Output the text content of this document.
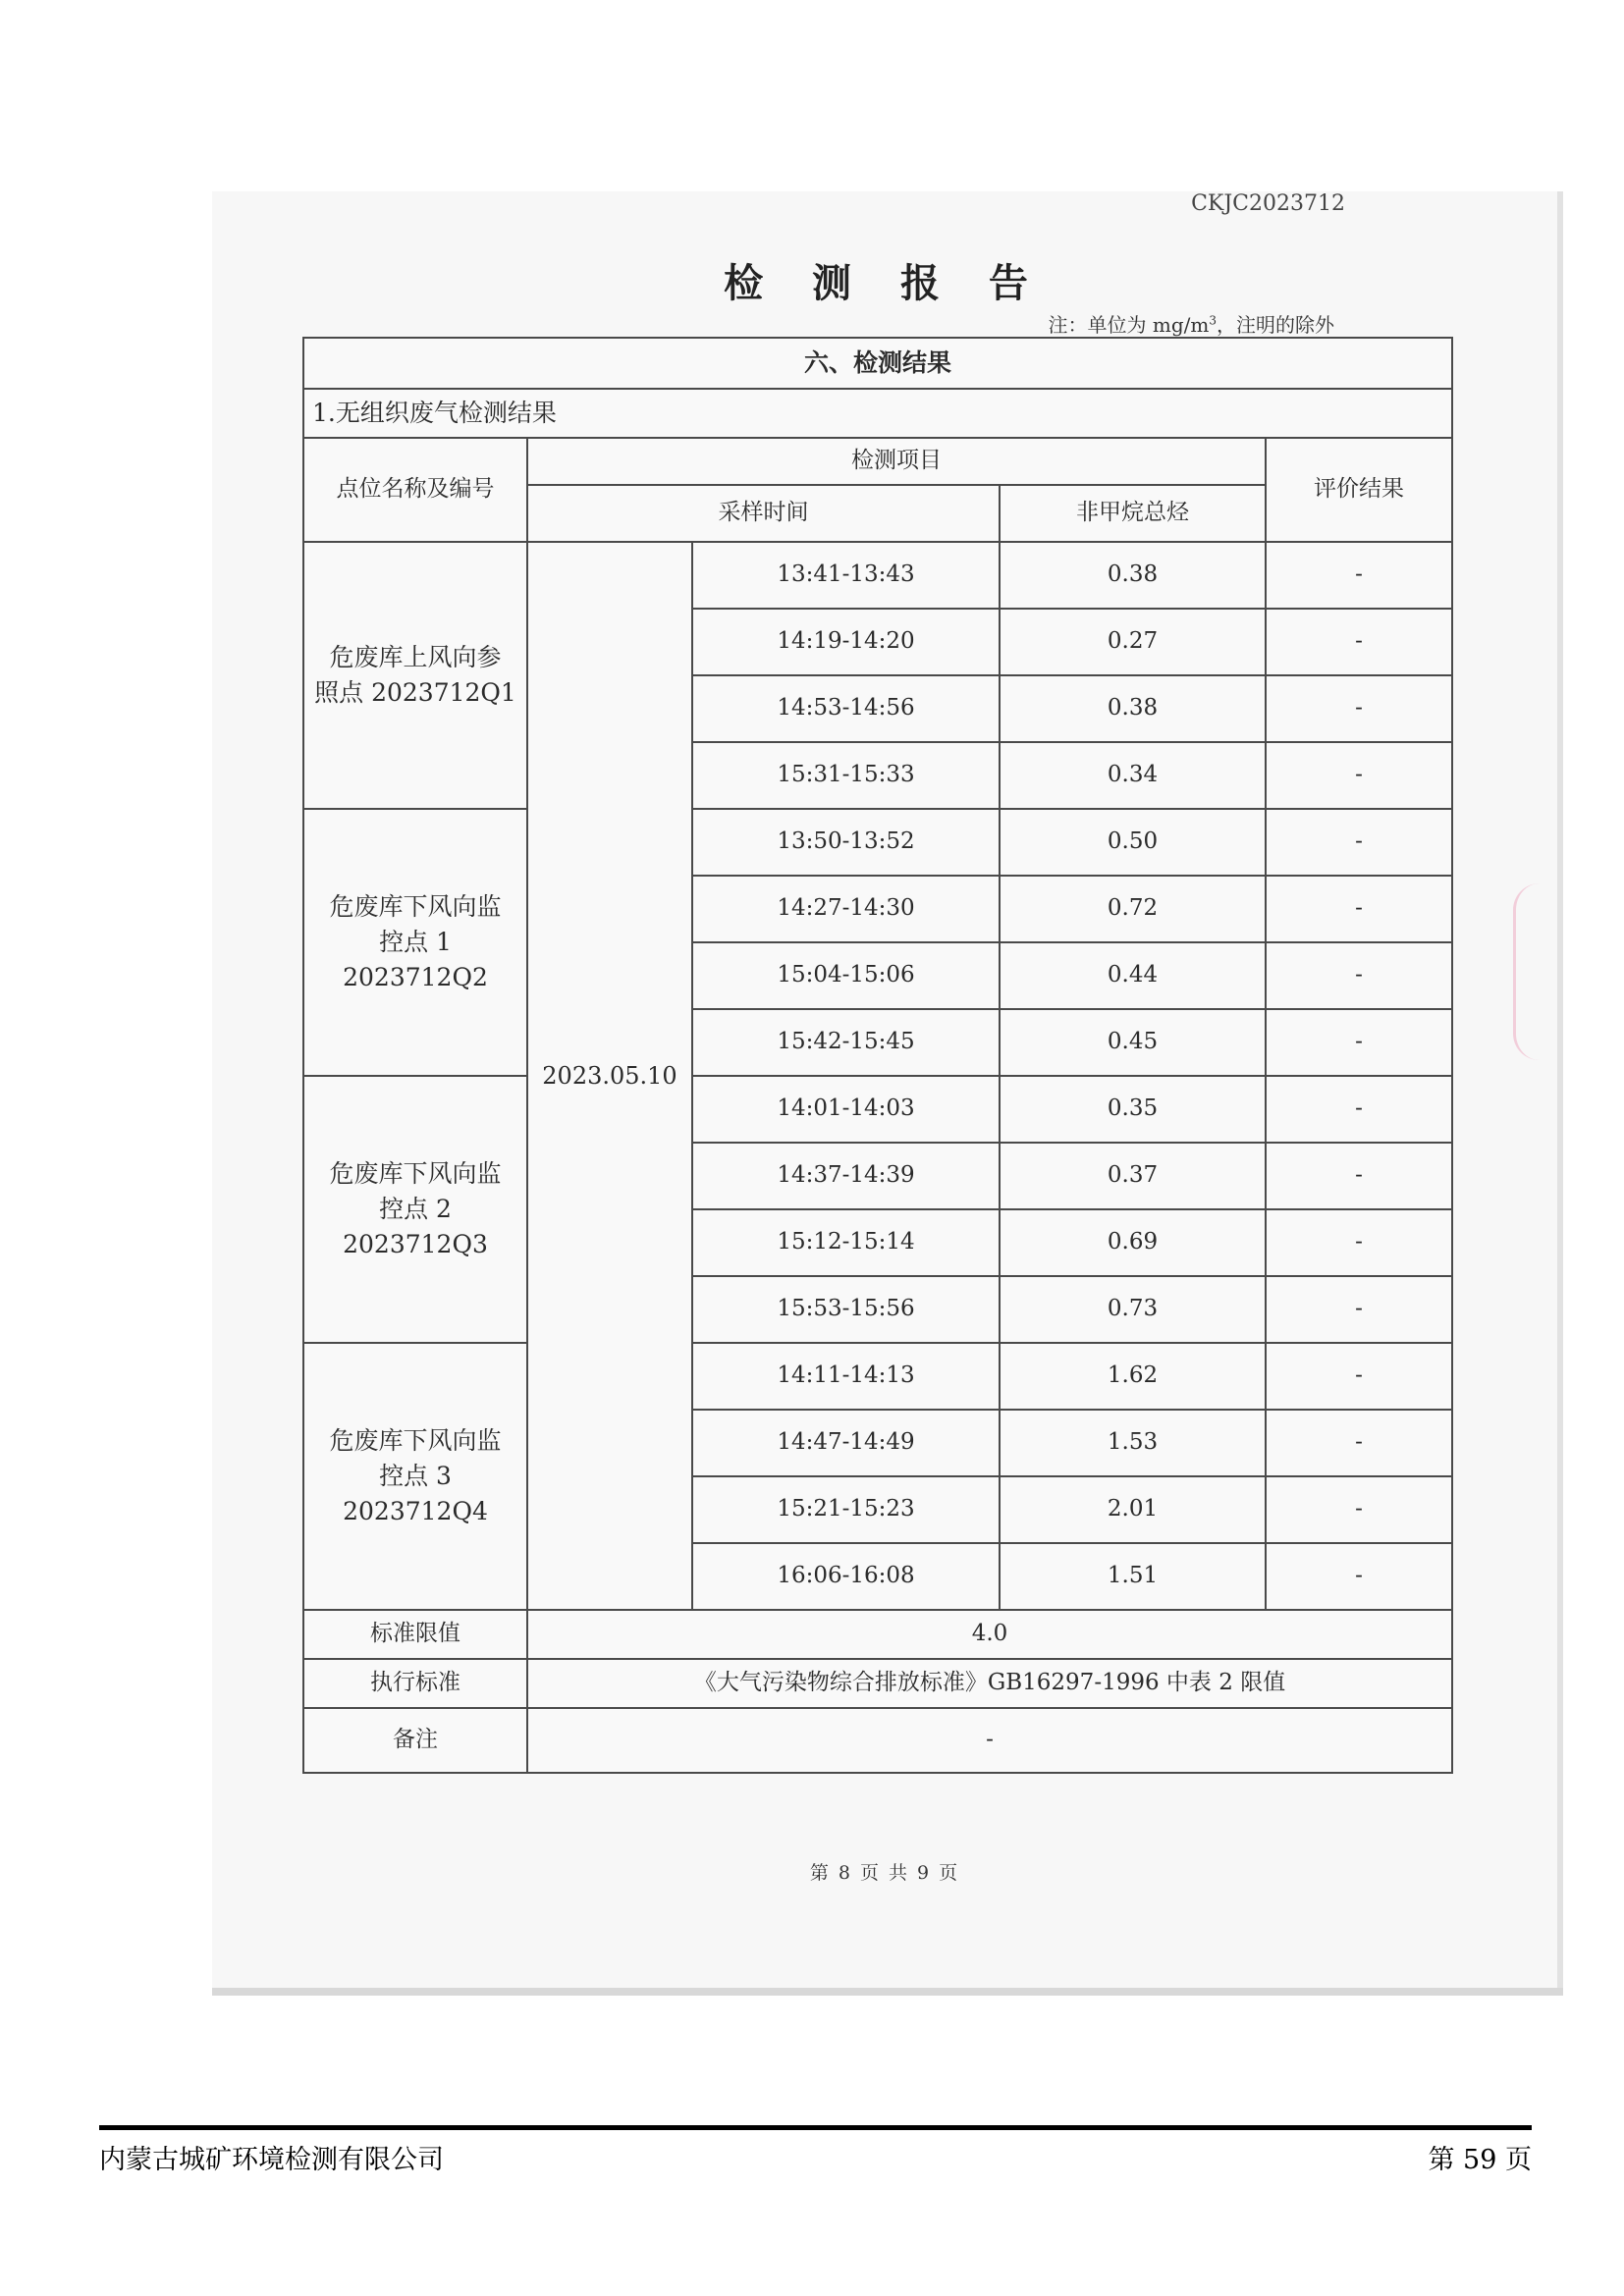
CKJC2023712
检 测 报 告
注：单位为 $mg/m^3$，注明的除外
六、检测结果				
1.无组织废气检测结果				
点位名称及编号	检测项目			评价结果
	采样时间		非甲烷总烃	
危废库上风向参
照点 2023712Q1	2023.05.10	13:41-13:43	0.38	-
		14:19-14:20	0.27	-
		14:53-14:56	0.38	-
		15:31-15:33	0.34	-
危废库下风向监
控点 1
2023712Q2		13:50-13:52	0.50	-
		14:27-14:30	0.72	-
		15:04-15:06	0.44	-
		15:42-15:45	0.45	-
危废库下风向监
控点 2
2023712Q3		14:01-14:03	0.35	-
		14:37-14:39	0.37	-
		15:12-15:14	0.69	-
		15:53-15:56	0.73	-
危废库下风向监
控点 3
2023712Q4		14:11-14:13	1.62	-
		14:47-14:49	1.53	-
		15:21-15:23	2.01	-
		16:06-16:08	1.51	-
标准限值	4.0			
执行标准	《大气污染物综合排放标准》GB16297-1996 中表 2 限值			
备注	-			
第 8 页 共 9 页
内蒙古城矿环境检测有限公司	第 59 页
